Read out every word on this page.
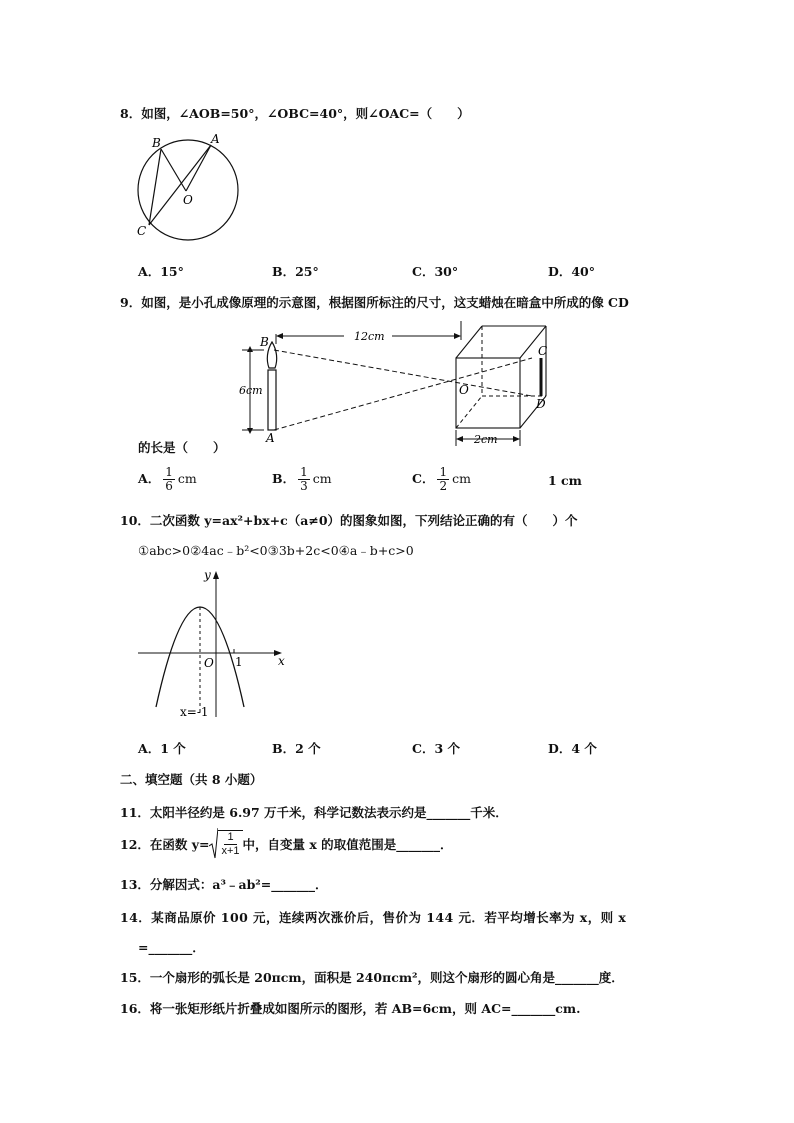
8．如图，∠AOB=50°，∠OBC=40°，则∠OAC=（　　）
B	A
O
C
A．15°	B．25°	C．30°	D．40°
9．如图，是小孔成像原理的示意图，根据图所标注的尺寸，这支蜡烛在暗盒中所成的像 CD
6cm
B
A
12cm
C
D
O
2cm
的长是（　　）
A． $\frac{1}{6}$ cm	B． $\frac{1}{3}$ cm	C． $\frac{1}{2}$ cm	1 cm
10．二次函数 y=ax²+bx+c（a≠0）的图象如图，下列结论正确的有（　　）个
①abc>0②4ac﹣b²<0③3b+2c<0④a﹣b+c>0
x
y
O 1
x=-1
A．1 个	B．2 个	C．3 个	D．4 个
二、填空题（共 8 小题）
11．太阳半径约是 6.97 万千米，科学记数法表示约是_______千米．
12．在函数 y= 1
x+1 中，自变量 x 的取值范围是_______．
13．分解因式：a³﹣ab²=_______．
14．某商品原价 100 元，连续两次涨价后，售价为 144 元．若平均增长率为 x，则 x
=_______．
15．一个扇形的弧长是 20πcm，面积是 240πcm²，则这个扇形的圆心角是_______度．
16．将一张矩形纸片折叠成如图所示的图形，若 AB=6cm，则 AC=_______cm.
